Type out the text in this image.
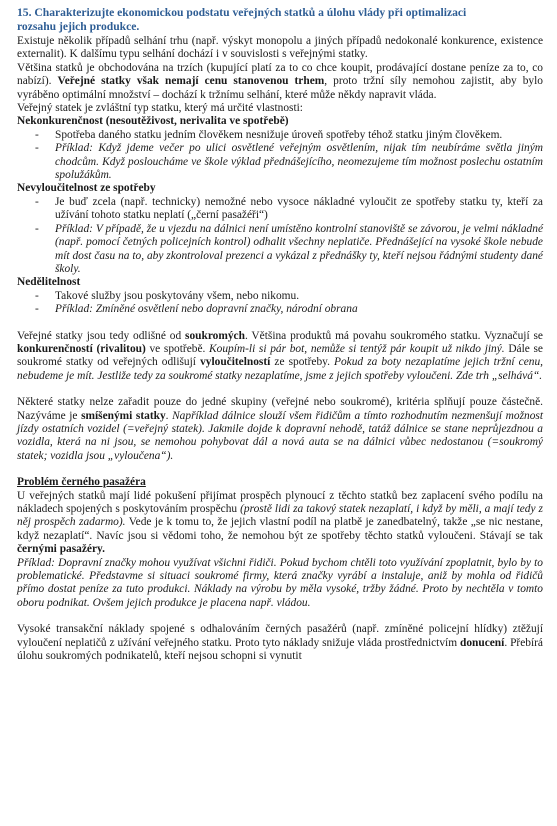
15. Charakterizujte ekonomickou podstatu veřejných statků a úlohu vlády při optimalizaci
rozsahu jejich produkce.

Existuje několik případů selhání trhu (např. výskyt monopolu a jiných případů nedokonalé konkurence, existence externalit). K dalšímu typu selhání dochází i v souvislosti s veřejnými statky.

Většina statků je obchodována na trzích (kupující platí za to co chce koupit, prodávající dostane peníze za to, co nabízí). Veřejné statky však nemají cenu stanovenou trhem, proto tržní síly nemohou zajistit, aby bylo vyráběno optimální množství – dochází k tržnímu selhání, které může někdy napravit vláda.

Veřejný statek je zvláštní typ statku, který má určité vlastnosti:

Nekonkurenčnost (nesoutěživost, nerivalita ve spotřebě)
- Spotřeba daného statku jedním člověkem nesnižuje úroveň spotřeby téhož statku jiným člověkem.
- Příklad: Když jdeme večer po ulici osvětlené veřejným osvětlením, nijak tím neubíráme světla jiným chodcům. Když posloucháme ve škole výklad přednášejícího, neomezujeme tím možnost poslechu ostatním spolužákům.
Nevyloučitelnost ze spotřeby
- Je buď zcela (např. technicky) nemožné nebo vysoce nákladné vyloučit ze spotřeby statku ty, kteří za užívání tohoto statku neplatí („černí pasažéři“)
- Příklad: V případě, že u vjezdu na dálnici není umístěno kontrolní stanoviště se závorou, je velmi nákladné (např. pomocí četných policejních kontrol) odhalit všechny neplatiče. Přednášející na vysoké škole nebude mít dost času na to, aby zkontroloval prezenci a vykázal z přednášky ty, kteří nejsou řádnými studenty dané školy.
Nedělitelnost
- Takové služby jsou poskytovány všem, nebo nikomu.
- Příklad: Zmíněné osvětlení nebo dopravní značky, národní obrana

Veřejné statky jsou tedy odlišné od soukromých. Většina produktů má povahu soukromého statku. Vyznačují se konkurenčností (rivalitou) ve spotřebě. Koupím-li si pár bot, nemůže si tentýž pár koupit už nikdo jiný. Dále se soukromé statky od veřejných odlišují vyloučitelností ze spotřeby. Pokud za boty nezaplatíme jejich tržní cenu, nebudeme je mít. Jestliže tedy za soukromé statky nezaplatíme, jsme z jejich spotřeby vyloučeni. Zde trh „selhává“.

Některé statky nelze zařadit pouze do jedné skupiny (veřejné nebo soukromé), kritéria splňují pouze částečně. Nazýváme je smíšenými statky. Například dálnice slouží všem řidičům a tímto rozhodnutím nezmenšují možnost jízdy ostatních vozidel (=veřejný statek). Jakmile dojde k dopravní nehodě, tatáž dálnice se stane neprůjezdnou a vozidla, která na ni jsou, se nemohou pohybovat dál a nová auta se na dálnici vůbec nedostanou (=soukromý statek; vozidla jsou „vyloučena“).

Problém černého pasažéra

U veřejných statků mají lidé pokušení přijímat prospěch plynoucí z těchto statků bez zaplacení svého podílu na nákladech spojených s poskytováním prospěchu (prostě lidi za takový statek nezaplatí, i když by měli, a mají tedy z něj prospěch zadarmo). Vede je k tomu to, že jejich vlastní podíl na platbě je zanedbatelný, takže „se nic nestane, když nezaplatí“. Navíc jsou si vědomi toho, že nemohou být ze spotřeby těchto statků vyloučeni. Stávají se tak černými pasažéry.

Příklad: Dopravní značky mohou využívat všichni řidiči. Pokud bychom chtěli toto využívání zpoplatnit, bylo by to problematické. Představme si situaci soukromé firmy, která značky vyrábí a instaluje, aniž by mohla od řidičů přímo dostat peníze za tuto produkci. Náklady na výrobu by měla vysoké, tržby žádné. Proto by nechtěla v tomto oboru podnikat. Ovšem jejich produkce je placena např. vládou.

Vysoké transakční náklady spojené s odhalováním černých pasažérů (např. zmíněné policejní hlídky) ztěžují vyloučení neplatičů z užívání veřejného statku. Proto tyto náklady snižuje vláda prostřednictvím donucení. Přebírá úlohu soukromých podnikatelů, kteří nejsou schopni si vynutit
